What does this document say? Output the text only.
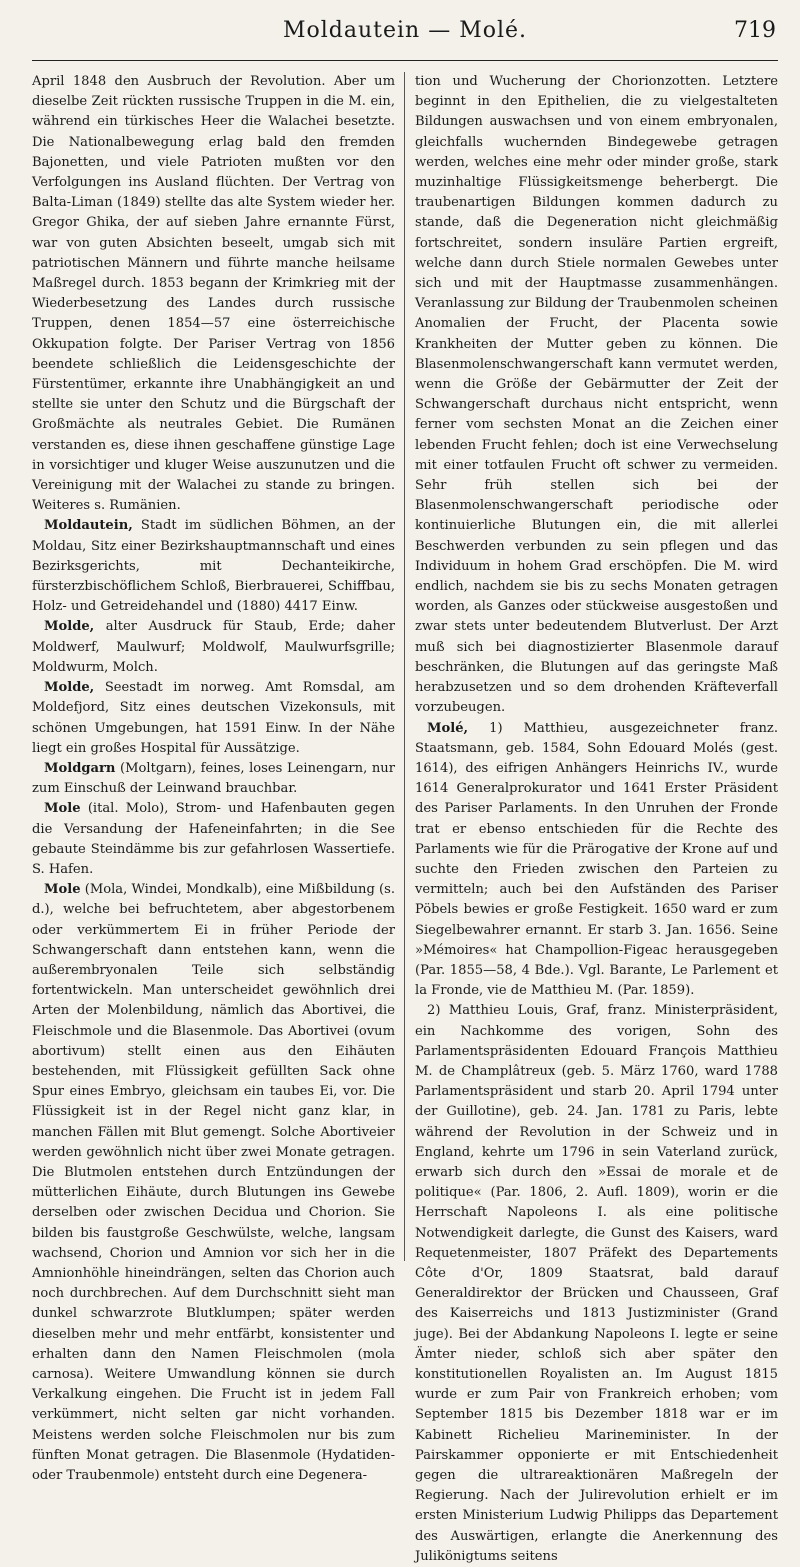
Moldautein — Molé.	719

April 1848 den Ausbruch der Revolution. Aber um dieselbe Zeit rückten russische Truppen in die M. ein, während ein türkisches Heer die Walachei besetzte. Die Nationalbewegung erlag bald den fremden Bajonetten, und viele Patrioten mußten vor den Verfolgungen ins Ausland flüchten. Der Vertrag von Balta-Liman (1849) stellte das alte System wieder her. Gregor Ghika, der auf sieben Jahre ernannte Fürst, war von guten Absichten beseelt, umgab sich mit patriotischen Männern und führte manche heilsame Maßregel durch. 1853 begann der Krimkrieg mit der Wiederbesetzung des Landes durch russische Truppen, denen 1854—57 eine österreichische Okkupation folgte. Der Pariser Vertrag von 1856 beendete schließlich die Leidensgeschichte der Fürstentümer, erkannte ihre Unabhängigkeit an und stellte sie unter den Schutz und die Bürgschaft der Großmächte als neutrales Gebiet. Die Rumänen verstanden es, diese ihnen geschaffene günstige Lage in vorsichtiger und kluger Weise auszunutzen und die Vereinigung mit der Walachei zu stande zu bringen. Weiteres s. Rumänien.

Moldautein, Stadt im südlichen Böhmen, an der Moldau, Sitz einer Bezirkshauptmannschaft und eines Bezirksgerichts, mit Dechanteikirche, fürsterzbischöflichem Schloß, Bierbrauerei, Schiffbau, Holz- und Getreidehandel und (1880) 4417 Einw.

Molde, alter Ausdruck für Staub, Erde; daher Moldwerf, Maulwurf; Moldwolf, Maulwurfsgrille; Moldwurm, Molch.

Molde, Seestadt im norweg. Amt Romsdal, am Moldefjord, Sitz eines deutschen Vizekonsuls, mit schönen Umgebungen, hat 1591 Einw. In der Nähe liegt ein großes Hospital für Aussätzige.

Moldgarn (Moltgarn), feines, loses Leinengarn, nur zum Einschuß der Leinwand brauchbar.

Mole (ital. Molo), Strom- und Hafenbauten gegen die Versandung der Hafeneinfahrten; in die See gebaute Steindämme bis zur gefahrlosen Wassertiefe. S. Hafen.

Mole (Mola, Windei, Mondkalb), eine Mißbildung (s. d.), welche bei befruchtetem, aber abgestorbenem oder verkümmertem Ei in früher Periode der Schwangerschaft dann entstehen kann, wenn die außerembryonalen Teile sich selbständig fortentwickeln. Man unterscheidet gewöhnlich drei Arten der Molenbildung, nämlich das Abortivei, die Fleischmole und die Blasenmole. Das Abortivei (ovum abortivum) stellt einen aus den Eihäuten bestehenden, mit Flüssigkeit gefüllten Sack ohne Spur eines Embryo, gleichsam ein taubes Ei, vor. Die Flüssigkeit ist in der Regel nicht ganz klar, in manchen Fällen mit Blut gemengt. Solche Abortiveier werden gewöhnlich nicht über zwei Monate getragen. Die Blutmolen entstehen durch Entzündungen der mütterlichen Eihäute, durch Blutungen ins Gewebe derselben oder zwischen Decidua und Chorion. Sie bilden bis faustgroße Geschwülste, welche, langsam wachsend, Chorion und Amnion vor sich her in die Amnionhöhle hineindrängen, selten das Chorion auch noch durchbrechen. Auf dem Durchschnitt sieht man dunkel schwarzrote Blutklumpen; später werden dieselben mehr und mehr entfärbt, konsistenter und erhalten dann den Namen Fleischmolen (mola carnosa). Weitere Umwandlung können sie durch Verkalkung eingehen. Die Frucht ist in jedem Fall verkümmert, nicht selten gar nicht vorhanden. Meistens werden solche Fleischmolen nur bis zum fünften Monat getragen. Die Blasenmole (Hydatiden- oder Traubenmole) entsteht durch eine Degenera-

tion und Wucherung der Chorionzotten. Letztere beginnt in den Epithelien, die zu vielgestalteten Bildungen auswachsen und von einem embryonalen, gleichfalls wuchernden Bindegewebe getragen werden, welches eine mehr oder minder große, stark muzinhaltige Flüssigkeitsmenge beherbergt. Die traubenartigen Bildungen kommen dadurch zu stande, daß die Degeneration nicht gleichmäßig fortschreitet, sondern insuläre Partien ergreift, welche dann durch Stiele normalen Gewebes unter sich und mit der Hauptmasse zusammenhängen. Veranlassung zur Bildung der Traubenmolen scheinen Anomalien der Frucht, der Placenta sowie Krankheiten der Mutter geben zu können. Die Blasenmolenschwangerschaft kann vermutet werden, wenn die Größe der Gebärmutter der Zeit der Schwangerschaft durchaus nicht entspricht, wenn ferner vom sechsten Monat an die Zeichen einer lebenden Frucht fehlen; doch ist eine Verwechselung mit einer totfaulen Frucht oft schwer zu vermeiden. Sehr früh stellen sich bei der Blasenmolenschwangerschaft periodische oder kontinuierliche Blutungen ein, die mit allerlei Beschwerden verbunden zu sein pflegen und das Individuum in hohem Grad erschöpfen. Die M. wird endlich, nachdem sie bis zu sechs Monaten getragen worden, als Ganzes oder stückweise ausgestoßen und zwar stets unter bedeutendem Blutverlust. Der Arzt muß sich bei diagnostizierter Blasenmole darauf beschränken, die Blutungen auf das geringste Maß herabzusetzen und so dem drohenden Kräfteverfall vorzubeugen.

Molé, 1) Matthieu, ausgezeichneter franz. Staatsmann, geb. 1584, Sohn Edouard Molés (gest. 1614), des eifrigen Anhängers Heinrichs IV., wurde 1614 Generalprokurator und 1641 Erster Präsident des Pariser Parlaments. In den Unruhen der Fronde trat er ebenso entschieden für die Rechte des Parlaments wie für die Prärogative der Krone auf und suchte den Frieden zwischen den Parteien zu vermitteln; auch bei den Aufständen des Pariser Pöbels bewies er große Festigkeit. 1650 ward er zum Siegelbewahrer ernannt. Er starb 3. Jan. 1656. Seine »Mémoires« hat Champollion-Figeac herausgegeben (Par. 1855—58, 4 Bde.). Vgl. Barante, Le Parlement et la Fronde, vie de Matthieu M. (Par. 1859).

2) Matthieu Louis, Graf, franz. Ministerpräsident, ein Nachkomme des vorigen, Sohn des Parlamentspräsidenten Edouard François Matthieu M. de Champlâtreux (geb. 5. März 1760, ward 1788 Parlamentspräsident und starb 20. April 1794 unter der Guillotine), geb. 24. Jan. 1781 zu Paris, lebte während der Revolution in der Schweiz und in England, kehrte um 1796 in sein Vaterland zurück, erwarb sich durch den »Essai de morale et de politique« (Par. 1806, 2. Aufl. 1809), worin er die Herrschaft Napoleons I. als eine politische Notwendigkeit darlegte, die Gunst des Kaisers, ward Requetenmeister, 1807 Präfekt des Departements Côte d'Or, 1809 Staatsrat, bald darauf Generaldirektor der Brücken und Chausseen, Graf des Kaiserreichs und 1813 Justizminister (Grand juge). Bei der Abdankung Napoleons I. legte er seine Ämter nieder, schloß sich aber später den konstitutionellen Royalisten an. Im August 1815 wurde er zum Pair von Frankreich erhoben; vom September 1815 bis Dezember 1818 war er im Kabinett Richelieu Marineminister. In der Pairskammer opponierte er mit Entschiedenheit gegen die ultrareaktionären Maßregeln der Regierung. Nach der Julirevolution erhielt er im ersten Ministerium Ludwig Philipps das Departement des Auswärtigen, erlangte die Anerkennung des Julikönigtums seitens
